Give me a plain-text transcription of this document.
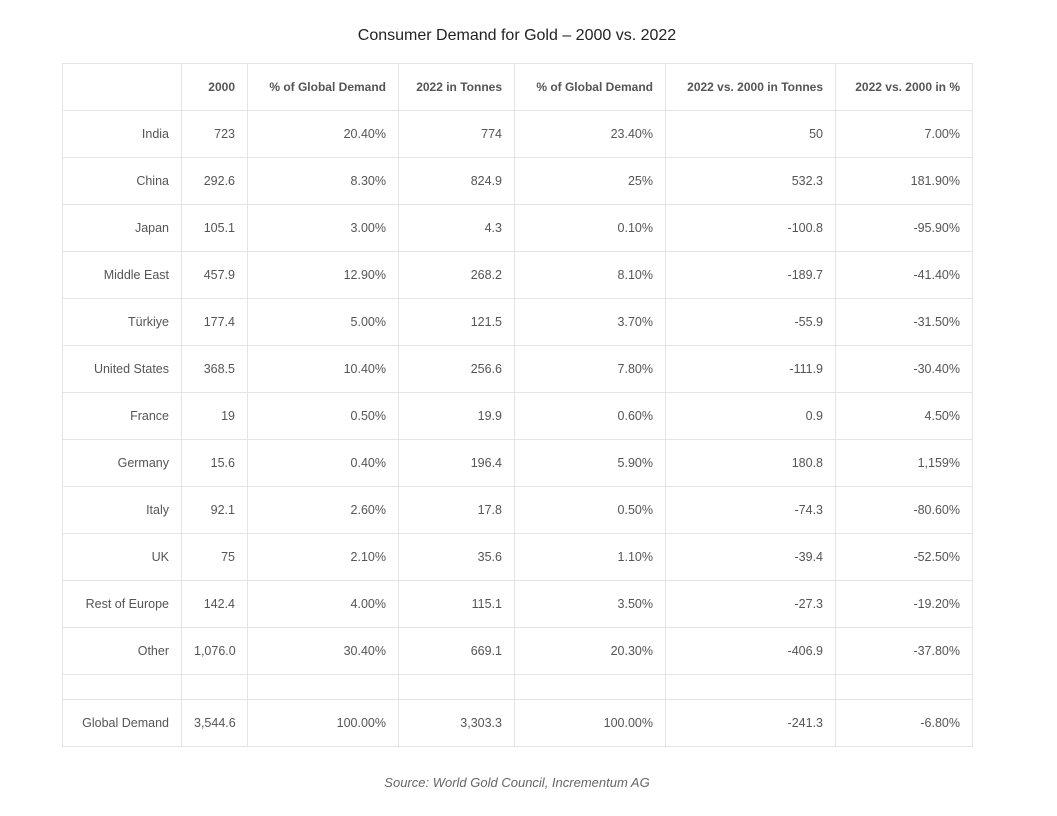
Consumer Demand for Gold – 2000 vs. 2022
	2000	% of Global Demand	2022 in Tonnes	% of Global Demand	2022 vs. 2000 in Tonnes	2022 vs. 2000 in %
India	723	20.40%	774	23.40%	50	7.00%
China	292.6	8.30%	824.9	25%	532.3	181.90%
Japan	105.1	3.00%	4.3	0.10%	-100.8	-95.90%
Middle East	457.9	12.90%	268.2	8.10%	-189.7	-41.40%
Türkiye	177.4	5.00%	121.5	3.70%	-55.9	-31.50%
United States	368.5	10.40%	256.6	7.80%	-111.9	-30.40%
France	19	0.50%	19.9	0.60%	0.9	4.50%
Germany	15.6	0.40%	196.4	5.90%	180.8	1,159%
Italy	92.1	2.60%	17.8	0.50%	-74.3	-80.60%
UK	75	2.10%	35.6	1.10%	-39.4	-52.50%
Rest of Europe	142.4	4.00%	115.1	3.50%	-27.3	-19.20%
Other	1,076.0	30.40%	669.1	20.30%	-406.9	-37.80%

Global Demand	3,544.6	100.00%	3,303.3	100.00%	-241.3	-6.80%

Source: World Gold Council, Incrementum AG
